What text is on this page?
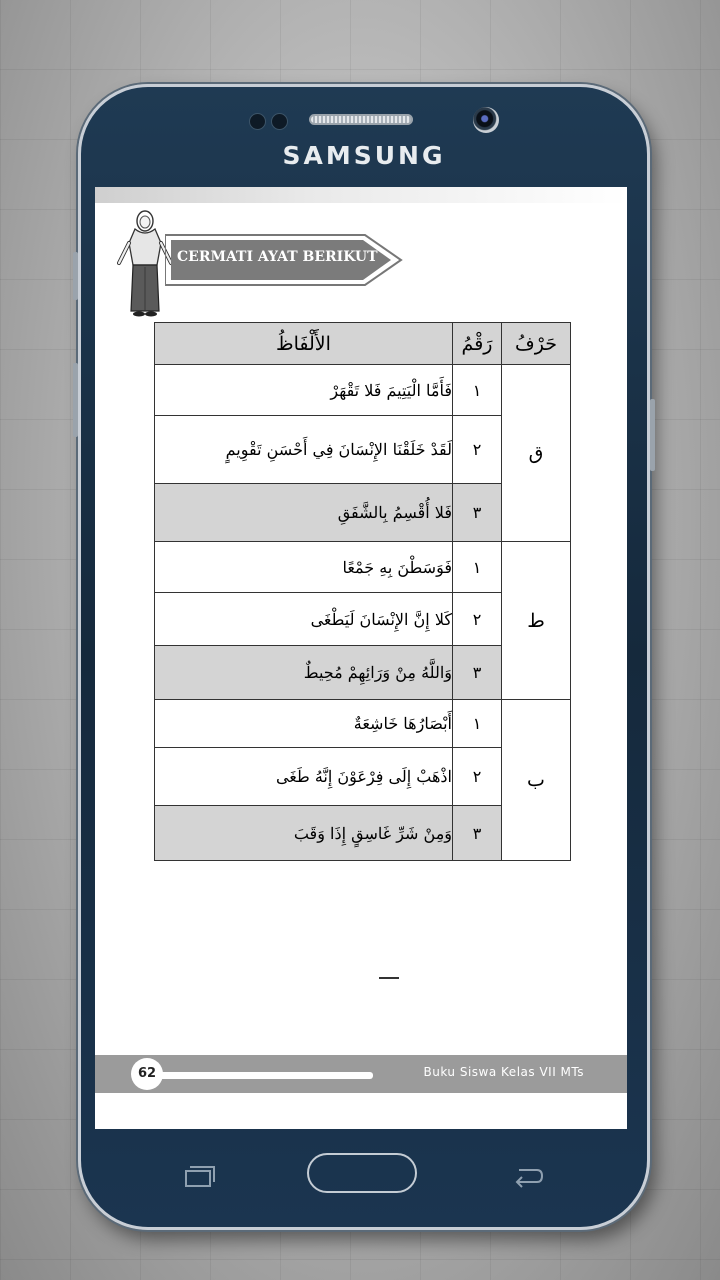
SAMSUNG
CERMATI AYAT BERIKUT
حَرْفُ	رَقْمُ	الأَلْفَاظُ
ق	١	فَأَمَّا الْيَتِيمَ فَلا تَقْهَرْ
	٢	لَقَدْ خَلَقْنَا الإِنْسَانَ فِي أَحْسَنِ تَقْوِيمٍ
	٣	فَلا أُقْسِمُ بِالشَّفَقِ
ط	١	فَوَسَطْنَ بِهِ جَمْعًا
	٢	كَلا إِنَّ الإِنْسَانَ لَيَطْغَى
	٣	وَاللَّهُ مِنْ وَرَائِهِمْ مُحِيطٌ
ب	١	أَبْصَارُهَا خَاشِعَةٌ
	٢	اذْهَبْ إِلَى فِرْعَوْنَ إِنَّهُ طَغَى
	٣	وَمِنْ شَرِّ غَاسِقٍ إِذَا وَقَبَ
62	Buku Siswa Kelas VII MTs
